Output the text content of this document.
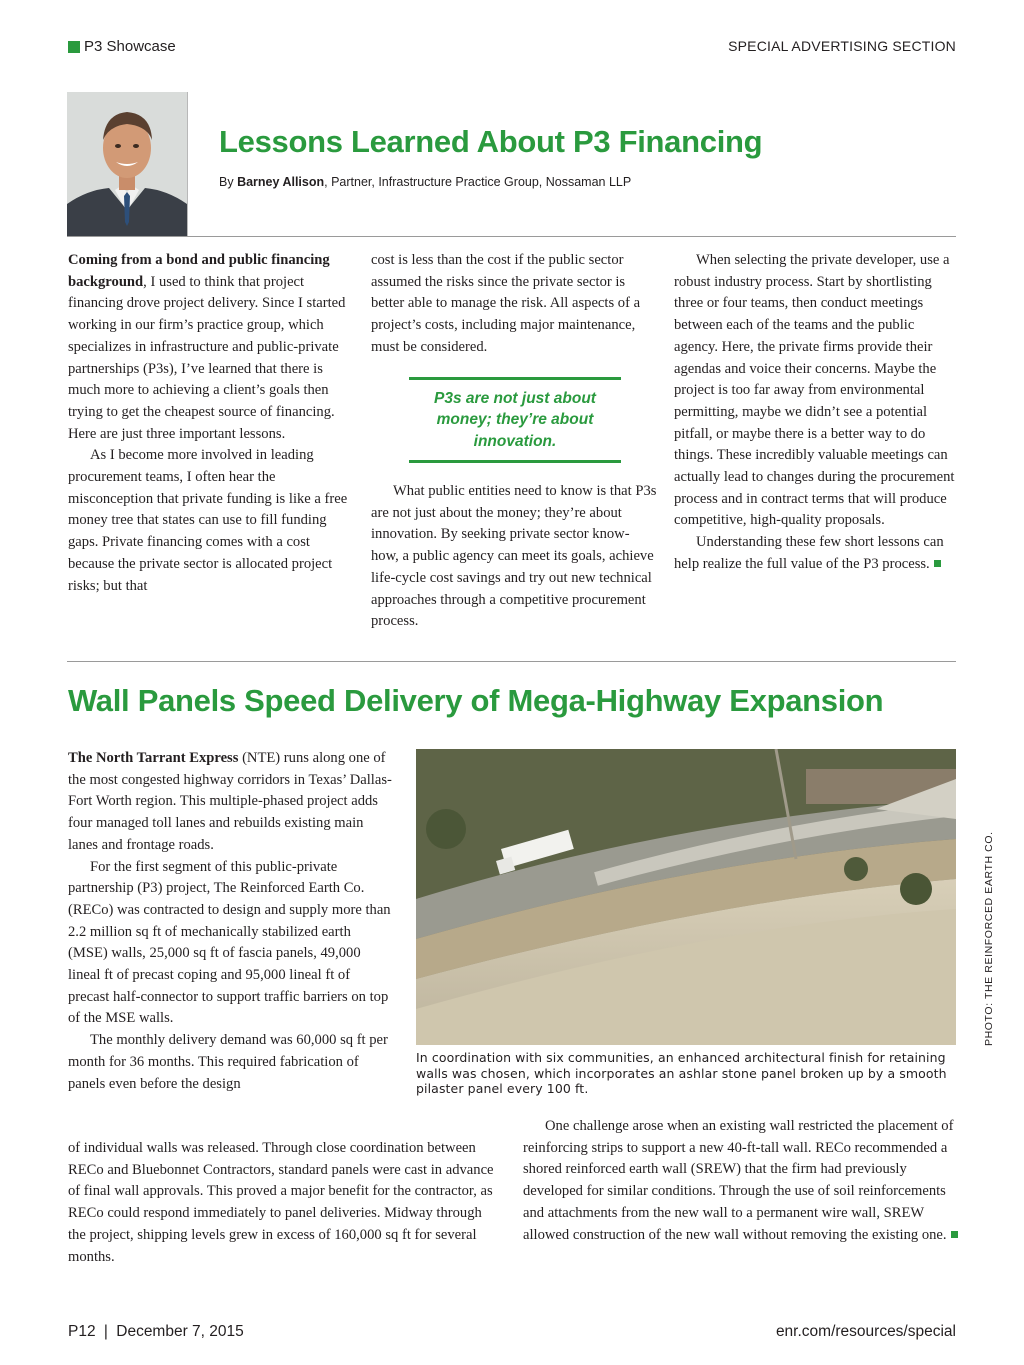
P3 Showcase	SPECIAL ADVERTISING SECTION
Lessons Learned About P3 Financing
By Barney Allison, Partner, Infrastructure Practice Group, Nossaman LLP

Coming from a bond and public financing background, I used to think that project financing drove project delivery. Since I started working in our firm’s practice group, which specializes in infrastructure and public-private partnerships (P3s), I’ve learned that there is much more to achieving a client’s goals then trying to get the cheapest source of financing. Here are just three important lessons.

As I become more involved in leading procurement teams, I often hear the misconception that private funding is like a free money tree that states can use to fill funding gaps. Private financing comes with a cost because the private sector is allocated project risks; but that

cost is less than the cost if the public sector assumed the risks since the private sector is better able to manage the risk. All aspects of a project’s costs, including major maintenance, must be considered.

P3s are not just about money; they’re about innovation.

What public entities need to know is that P3s are not just about the money; they’re about innovation. By seeking private sector know-how, a public agency can meet its goals, achieve life-cycle cost savings and try out new technical approaches through a competitive procurement process.

When selecting the private developer, use a robust industry process. Start by shortlisting three or four teams, then conduct meetings between each of the teams and the public agency. Here, the private firms provide their agendas and voice their concerns. Maybe the project is too far away from environmental permitting, maybe we didn’t see a potential pitfall, or maybe there is a better way to do things. These incredibly valuable meetings can actually lead to changes during the procurement process and in contract terms that will produce competitive, high-quality proposals.

Understanding these few short lessons can help realize the full value of the P3 process.

Wall Panels Speed Delivery of Mega-Highway Expansion

The North Tarrant Express (NTE) runs along one of the most congested highway corridors in Texas’ Dallas-Fort Worth region. This multiple-phased project adds four managed toll lanes and rebuilds existing main lanes and frontage roads.

For the first segment of this public-private partnership (P3) project, The Reinforced Earth Co. (RECo) was contracted to design and supply more than 2.2 million sq ft of mechanically stabilized earth (MSE) walls, 25,000 sq ft of fascia panels, 49,000 lineal ft of precast coping and 95,000 lineal ft of precast half-connector to support traffic barriers on top of the MSE walls.

The monthly delivery demand was 60,000 sq ft per month for 36 months. This required fabrication of panels even before the design

of individual walls was released. Through close coordination between RECo and Bluebonnet Contractors, standard panels were cast in advance of final wall approvals. This proved a major benefit for the contractor, as RECo could respond immediately to panel deliveries. Midway through the project, shipping levels grew in excess of 160,000 sq ft for several months.
In coordination with six communities, an enhanced architectural finish for retaining walls was chosen, which incorporates an ashlar stone panel broken up by a smooth pilaster panel every 100 ft.
PHOTO: THE REINFORCED EARTH CO.

One challenge arose when an existing wall restricted the placement of reinforcing strips to support a new 40-ft-tall wall. RECo recommended a shored reinforced earth wall (SREW) that the firm had previously developed for similar conditions. Through the use of soil reinforcements and attachments from the new wall to a permanent wire wall, SREW allowed construction of the new wall without removing the existing one.

P12 | December 7, 2015	enr.com/resources/special
